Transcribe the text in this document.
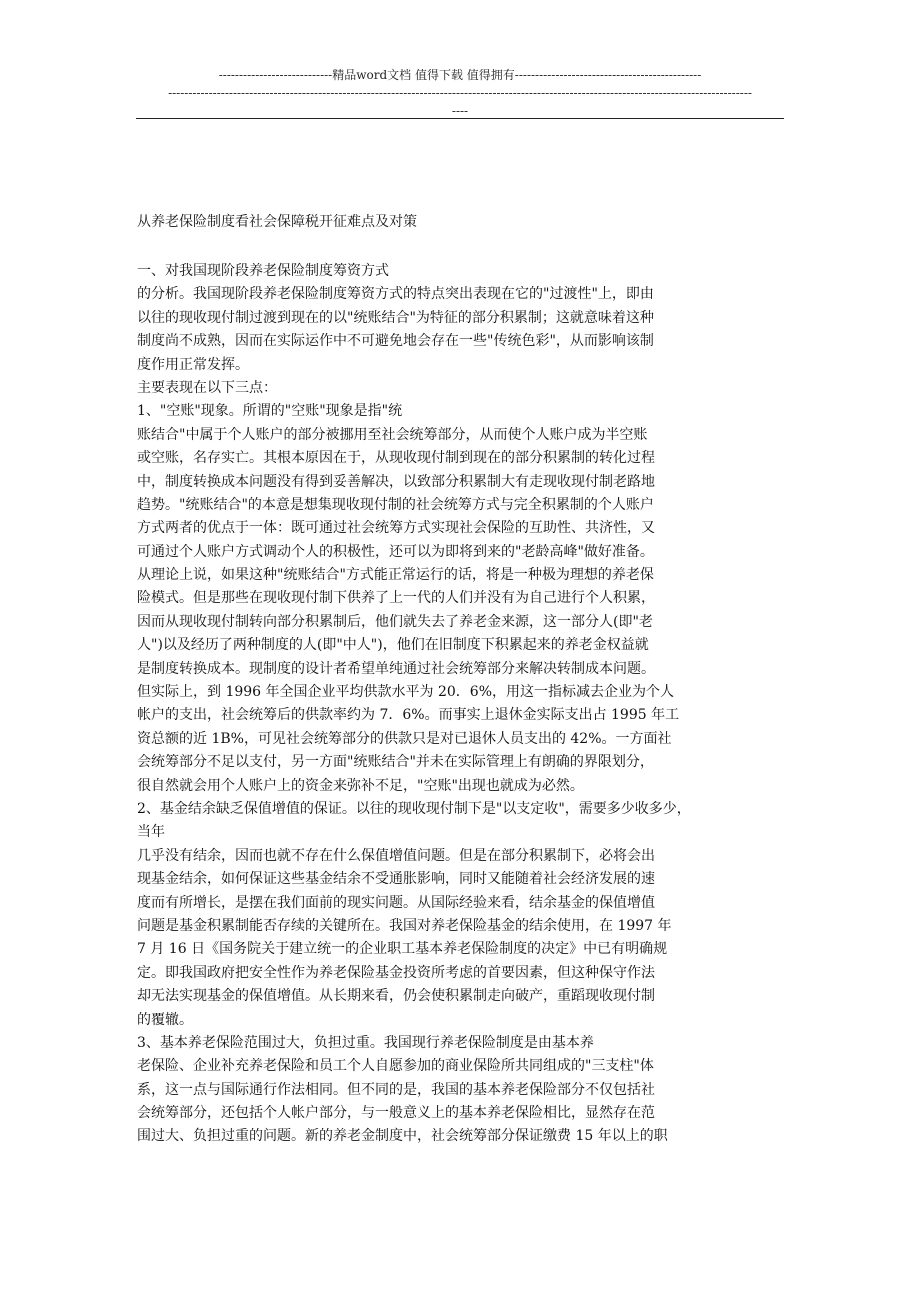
----------------------------精品word文档 值得下载 值得拥有----------------------------------------------
------------------------------------------------------------------------------------------------------------------------------------------------
----
从养老保险制度看社会保障税开征难点及对策
一、对我国现阶段养老保险制度筹资方式
的分析。我国现阶段养老保险制度筹资方式的特点突出表现在它的"过渡性"上，即由
以往的现收现付制过渡到现在的以"统账结合"为特征的部分积累制；这就意味着这种
制度尚不成熟，因而在实际运作中不可避免地会存在一些"传统色彩"，从而影响该制
度作用正常发挥。
主要表现在以下三点：
1、"空账"现象。所谓的"空账"现象是指"统
账结合"中属于个人账户的部分被挪用至社会统筹部分，从而使个人账户成为半空账
或空账，名存实亡。其根本原因在于，从现收现付制到现在的部分积累制的转化过程
中，制度转换成本问题没有得到妥善解决，以致部分积累制大有走现收现付制老路地
趋势。"统账结合"的本意是想集现收现付制的社会统筹方式与完全积累制的个人账户
方式两者的优点于一体：既可通过社会统筹方式实现社会保险的互助性、共济性，又
可通过个人账户方式调动个人的积极性，还可以为即将到来的"老龄高峰"做好准备。
从理论上说，如果这种"统账结合"方式能正常运行的话，将是一种极为理想的养老保
险模式。但是那些在现收现付制下供养了上一代的人们并没有为自己进行个人积累，
因而从现收现付制转向部分积累制后，他们就失去了养老金来源，这一部分人(即"老
人")以及经历了两种制度的人(即"中人")，他们在旧制度下积累起来的养老金权益就
是制度转换成本。现制度的设计者希望单纯通过社会统筹部分来解决转制成本问题。
但实际上，到 1996 年全国企业平均供款水平为 20．6%，用这一指标减去企业为个人
帐户的支出，社会统筹后的供款率约为 7．6%。而事实上退休金实际支出占 1995 年工
资总额的近 1B%，可见社会统筹部分的供款只是对已退休人员支出的 42%。一方面社
会统筹部分不足以支付，另一方面"统账结合"并未在实际管理上有朗确的界限划分，
很自然就会用个人账户上的资金来弥补不足，"空账"出现也就成为必然。
2、基金结余缺乏保值增值的保证。以往的现收现付制下是"以支定收"，需要多少收多少，
当年
几乎没有结余，因而也就不存在什么保值增值问题。但是在部分积累制下，必将会出
现基金结余，如何保证这些基金结余不受通胀影响，同时又能随着社会经济发展的速
度而有所增长，是摆在我们面前的现实问题。从国际经验来看，结余基金的保值增值
问题是基金积累制能否存续的关键所在。我国对养老保险基金的结余使用，在 1997 年
7 月 16 日《国务院关于建立统一的企业职工基本养老保险制度的决定》中已有明确规
定。即我国政府把安全性作为养老保险基金投资所考虑的首要因素，但这种保守作法
却无法实现基金的保值增值。从长期来看，仍会使积累制走向破产，重蹈现收现付制
的覆辙。
3、基本养老保险范围过大，负担过重。我国现行养老保险制度是由基本养
老保险、企业补充养老保险和员工个人自愿参加的商业保险所共同组成的"三支柱"体
系，这一点与国际通行作法相同。但不同的是，我国的基本养老保险部分不仅包括社
会统筹部分，还包括个人帐户部分，与一般意义上的基本养老保险相比，显然存在范
围过大、负担过重的问题。新的养老金制度中，社会统筹部分保证缴费 15 年以上的职
